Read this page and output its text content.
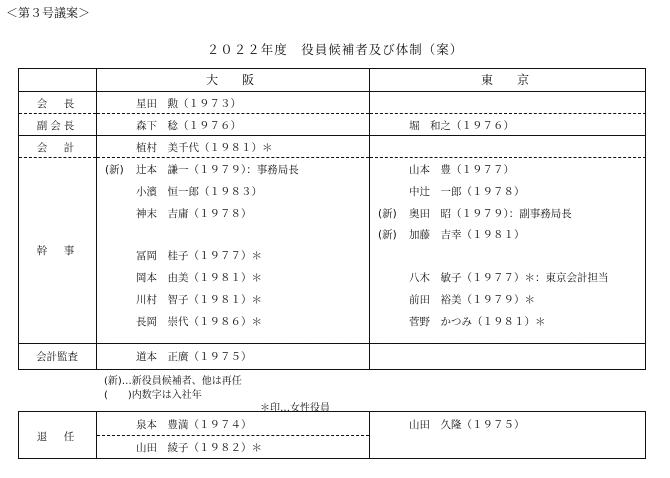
＜第３号議案＞
２０２２年度　役員候補者及び体制（案）
大　阪	東　京
会　長
副会長
会　計
幹　事
会計監査
星田　勲（１９７３）
森下　稔（１９７６）	堀　和之（１９７６）
植村　美千代（１９８１）＊
(新) 辻本　謙一（１９７９）：事務局長
小濱　恒一郎（１９８３）
神末　吉庸（１９７８）
冨岡　桂子（１９７７）＊
岡本　由美（１９８１）＊
川村　智子（１９８１）＊
長岡　崇代（１９８６）＊
山本　豊（１９７７）
中辻　一郎（１９７８）
(新) 奥田　昭（１９７９）：副事務局長
(新) 加藤　吉幸（１９８１）
八木　敏子（１９７７）＊：東京会計担当
前田　裕美（１９７９）＊
菅野　かつみ（１９８１）＊
道本　正廣（１９７５）
(新)…新役員候補者、他は再任
(　　)内数字は入社年
＊印…女性役員
退　任
泉本　豊満（１９７４）
山田　綾子（１９８２）＊
山田　久隆（１９７５）
